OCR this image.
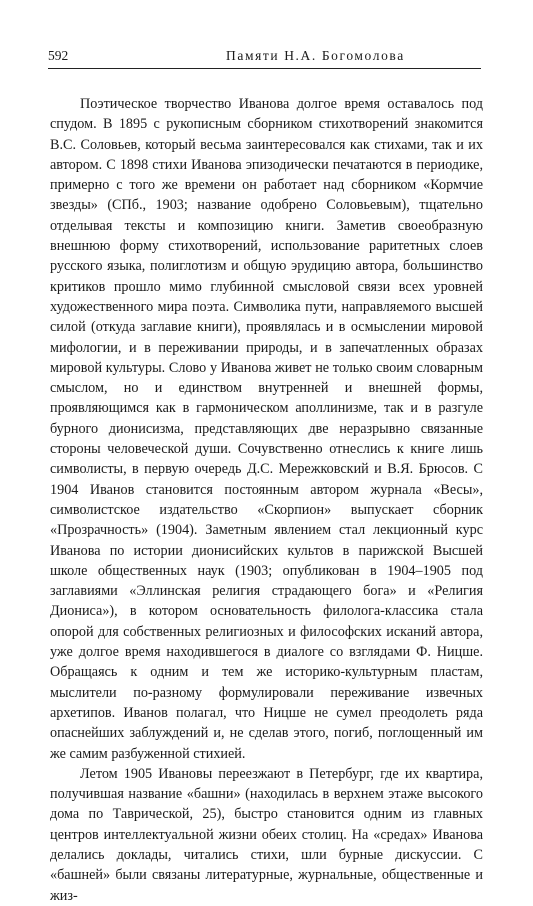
592	Памяти Н.А. Богомолова

Поэтическое творчество Иванова долгое время оставалось под спудом. В 1895 с рукописным сборником стихотворений знакомится В.С. Соловьев, который весьма заинтересовался как стихами, так и их автором. С 1898 стихи Иванова эпизодически печатаются в периодике, примерно с того же времени он работает над сборником «Кормчие звезды» (СПб., 1903; название одобрено Соловьевым), тщательно отделывая тексты и композицию книги. Заметив своеобразную внешнюю форму стихотворений, использование раритетных слоев русского языка, полиглотизм и общую эрудицию автора, большинство критиков прошло мимо глубинной смысловой связи всех уровней художественного мира поэта. Символика пути, направляемого высшей силой (откуда заглавие книги), проявлялась и в осмыслении мировой мифологии, и в переживании природы, и в запечатленных образах мировой культуры. Слово у Иванова живет не только своим словарным смыслом, но и единством внутренней и внешней формы, проявляющимся как в гармоническом аполлинизме, так и в разгуле бурного дионисизма, представляющих две неразрывно связанные стороны человеческой души. Сочувственно отнеслись к книге лишь символисты, в первую очередь Д.С. Мережковский и В.Я. Брюсов. С 1904 Иванов становится постоянным автором журнала «Весы», символистское издательство «Скорпион» выпускает сборник «Прозрачность» (1904). Заметным явлением стал лекционный курс Иванова по истории дионисийских культов в парижской Высшей школе общественных наук (1903; опубликован в 1904–1905 под заглавиями «Эллинская религия страдающего бога» и «Религия Диониса»), в котором основательность филолога-классика стала опорой для собственных религиозных и философских исканий автора, уже долгое время находившегося в диалоге со взглядами Ф. Ницше. Обращаясь к одним и тем же историко-культурным пластам, мыслители по-разному формулировали переживание извечных архетипов. Иванов полагал, что Ницше не сумел преодолеть ряда опаснейших заблуждений и, не сделав этого, погиб, поглощенный им же самим разбуженной стихией.

Летом 1905 Ивановы переезжают в Петербург, где их квартира, получившая название «башни» (находилась в верхнем этаже высокого дома по Таврической, 25), быстро становится одним из главных центров интеллектуальной жизни обеих столиц. На «средах» Иванова делались доклады, читались стихи, шли бурные дискуссии. С «башней» были связаны литературные, журнальные, общественные и жиз-
